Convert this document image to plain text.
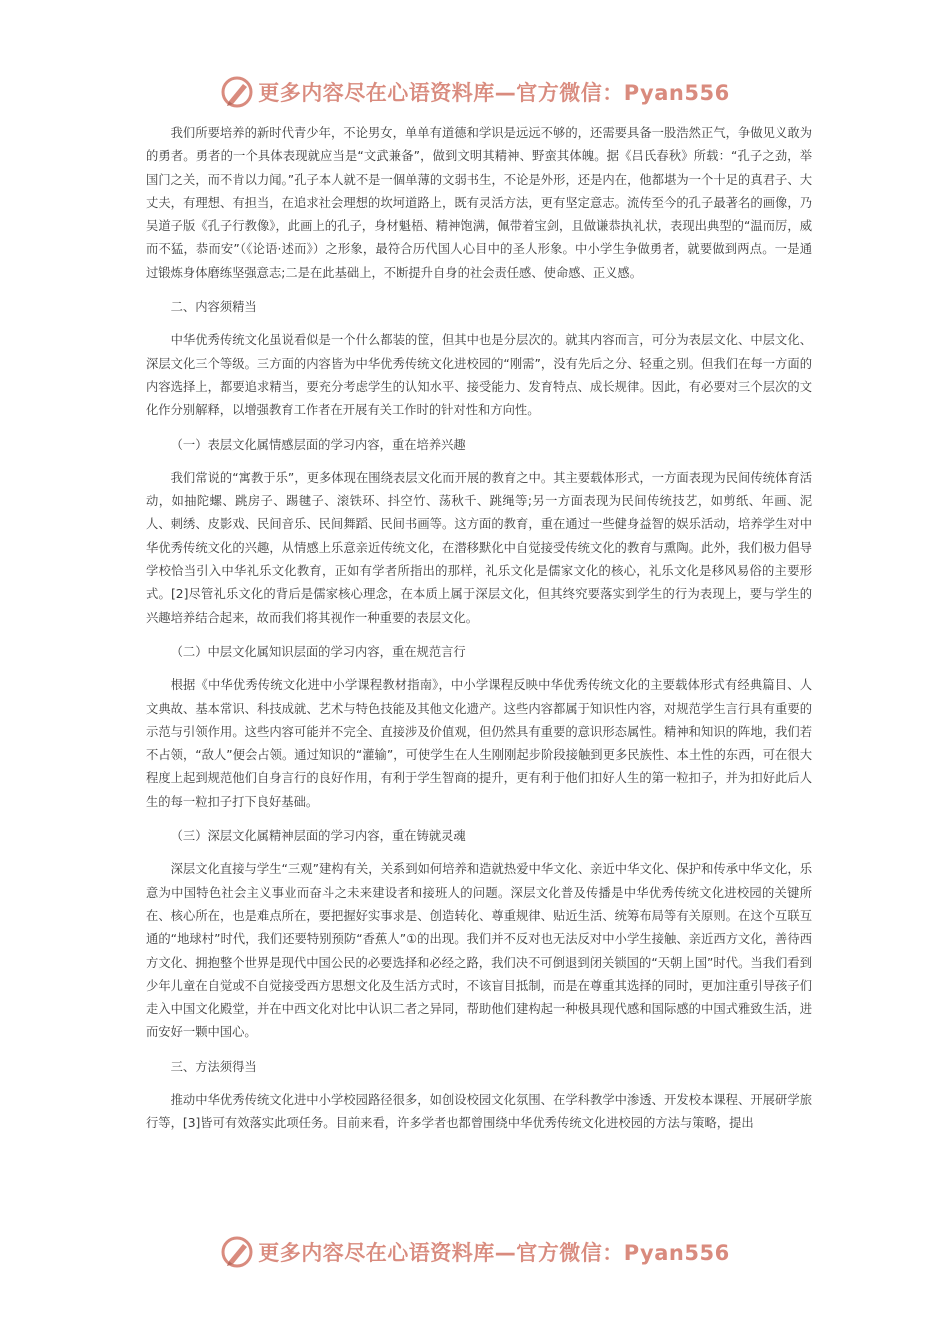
更多内容尽在心语资料库—官方微信：Pyan556

我们所要培养的新时代青少年，不论男女，单单有道德和学识是远远不够的，还需要具备一股浩然正气，争做见义敢为的勇者。勇者的一个具体表现就应当是“文武兼备”，做到文明其精神、野蛮其体魄。据《吕氏春秋》所载：“孔子之劲，举国门之关，而不肯以力闻。”孔子本人就不是一個单薄的文弱书生，不论是外形，还是内在，他都堪为一个十足的真君子、大丈夫，有理想、有担当，在追求社会理想的坎坷道路上，既有灵活方法，更有坚定意志。流传至今的孔子最著名的画像，乃吴道子版《孔子行教像》，此画上的孔子，身材魁梧、精神饱满，佩带着宝剑，且做谦恭执礼状，表现出典型的“温而厉，威而不猛，恭而安”（《论语·述而》）之形象，最符合历代国人心目中的圣人形象。中小学生争做勇者，就要做到两点。一是通过锻炼身体磨练坚强意志;二是在此基础上，不断提升自身的社会责任感、使命感、正义感。

二、内容须精当

中华优秀传统文化虽说看似是一个什么都装的筐，但其中也是分层次的。就其内容而言，可分为表层文化、中层文化、深层文化三个等级。三方面的内容皆为中华优秀传统文化进校园的“刚需”，没有先后之分、轻重之别。但我们在每一方面的内容选择上，都要追求精当，要充分考虑学生的认知水平、接受能力、发育特点、成长规律。因此，有必要对三个层次的文化作分别解释，以增强教育工作者在开展有关工作时的针对性和方向性。

（一）表层文化属情感层面的学习内容，重在培养兴趣

我们常说的“寓教于乐”，更多体现在围绕表层文化而开展的教育之中。其主要载体形式，一方面表现为民间传统体育活动，如抽陀螺、跳房子、踢毽子、滚铁环、抖空竹、荡秋千、跳绳等;另一方面表现为民间传统技艺，如剪纸、年画、泥人、刺绣、皮影戏、民间音乐、民间舞蹈、民间书画等。这方面的教育，重在通过一些健身益智的娱乐活动，培养学生对中华优秀传统文化的兴趣，从情感上乐意亲近传统文化，在潜移默化中自觉接受传统文化的教育与熏陶。此外，我们极力倡导学校恰当引入中华礼乐文化教育，正如有学者所指出的那样，礼乐文化是儒家文化的核心，礼乐文化是移风易俗的主要形式。[2]尽管礼乐文化的背后是儒家核心理念，在本质上属于深层文化，但其终究要落实到学生的行为表现上，要与学生的兴趣培养结合起来，故而我们将其视作一种重要的表层文化。

（二）中层文化属知识层面的学习内容，重在规范言行

根据《中华优秀传统文化进中小学课程教材指南》，中小学课程反映中华优秀传统文化的主要载体形式有经典篇目、人文典故、基本常识、科技成就、艺术与特色技能及其他文化遗产。这些内容都属于知识性内容，对规范学生言行具有重要的示范与引领作用。这些内容可能并不完全、直接涉及价值观，但仍然具有重要的意识形态属性。精神和知识的阵地，我们若不占领，“敌人”便会占领。通过知识的“灌输”，可使学生在人生刚刚起步阶段接触到更多民族性、本土性的东西，可在很大程度上起到规范他们自身言行的良好作用，有利于学生智商的提升，更有利于他们扣好人生的第一粒扣子，并为扣好此后人生的每一粒扣子打下良好基础。

（三）深层文化属精神层面的学习内容，重在铸就灵魂

深层文化直接与学生“三观”建构有关，关系到如何培养和造就热爱中华文化、亲近中华文化、保护和传承中华文化，乐意为中国特色社会主义事业而奋斗之未来建设者和接班人的问题。深层文化普及传播是中华优秀传统文化进校园的关键所在、核心所在，也是难点所在，要把握好实事求是、创造转化、尊重规律、贴近生活、统筹布局等有关原则。在这个互联互通的“地球村”时代，我们还要特别预防“香蕉人”①的出现。我们并不反对也无法反对中小学生接触、亲近西方文化，善待西方文化、拥抱整个世界是现代中国公民的必要选择和必经之路，我们决不可倒退到闭关锁国的“天朝上国”时代。当我们看到少年儿童在自觉或不自觉接受西方思想文化及生活方式时，不该盲目抵制，而是在尊重其选择的同时，更加注重引导孩子们走入中国文化殿堂，并在中西文化对比中认识二者之异同，帮助他们建构起一种极具现代感和国际感的中国式雅致生活，进而安好一颗中国心。

三、方法须得当

推动中华优秀传统文化进中小学校园路径很多，如创设校园文化氛围、在学科教学中渗透、开发校本课程、开展研学旅行等，[3]皆可有效落实此项任务。目前来看，许多学者也都曾围绕中华优秀传统文化进校园的方法与策略，提出

更多内容尽在心语资料库—官方微信：Pyan556
